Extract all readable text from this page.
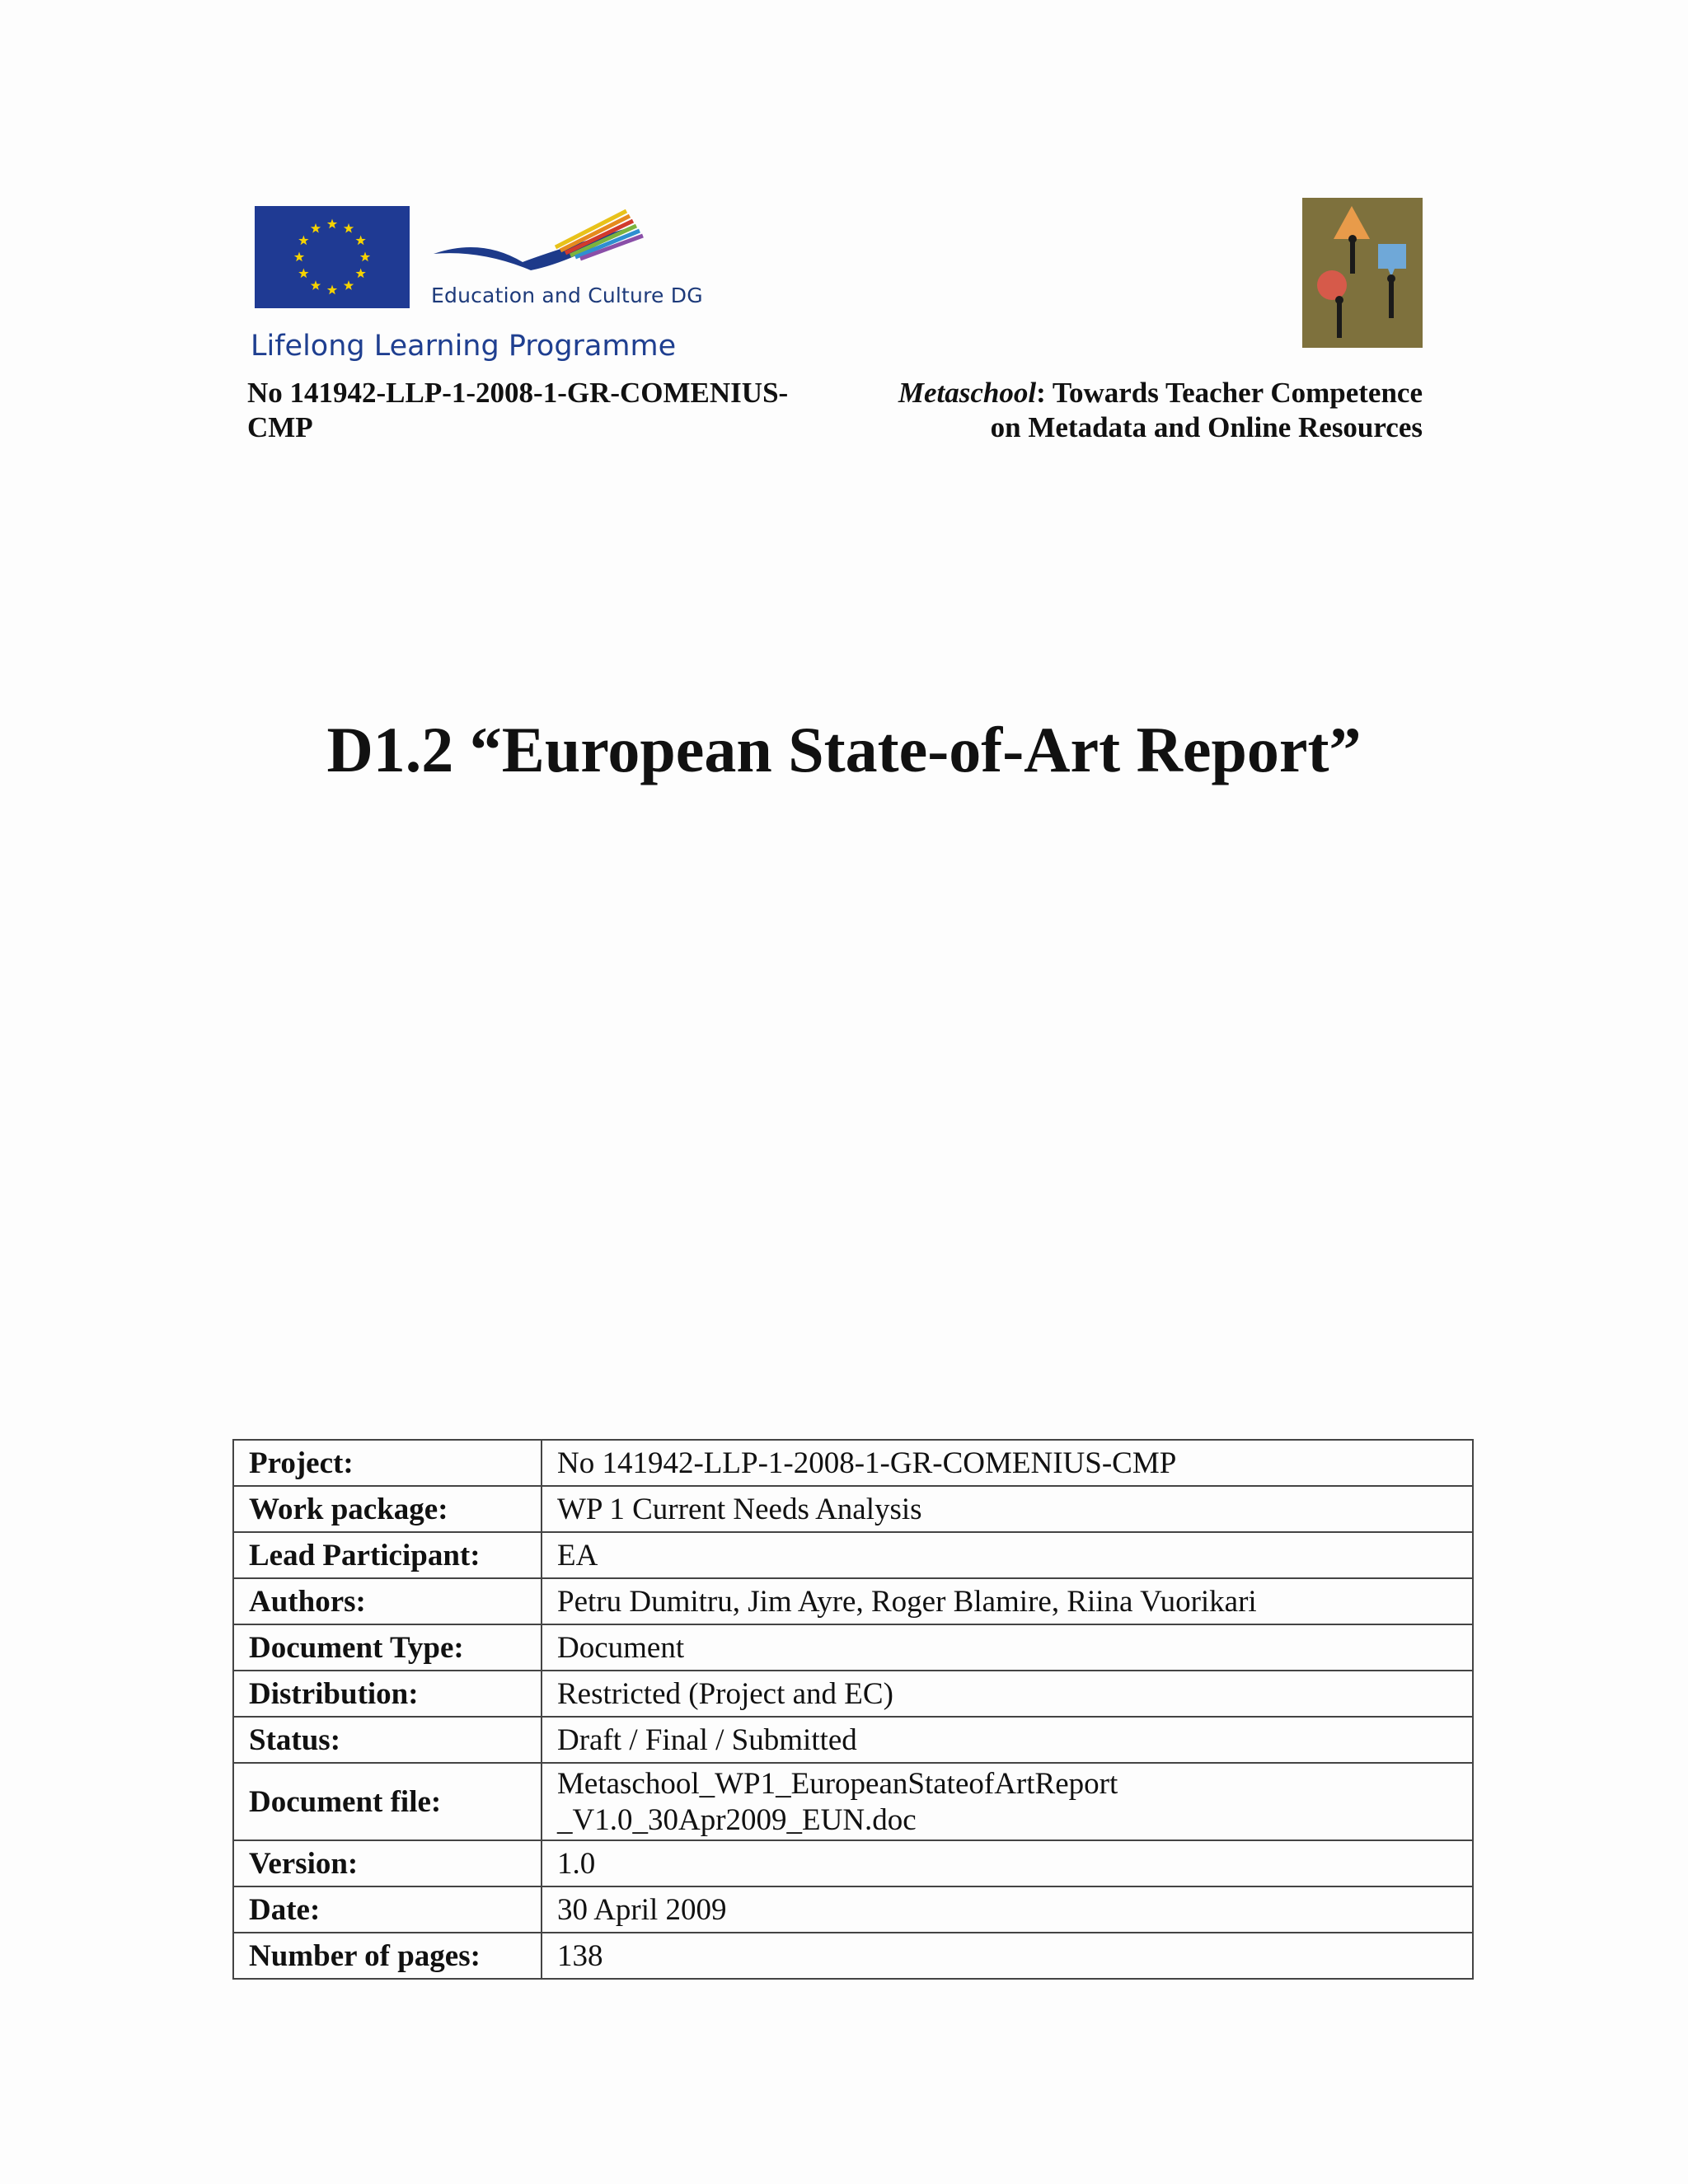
Education and Culture DG
Lifelong Learning Programme
No 141942-LLP-1-2008-1-GR-COMENIUS-CMP
Metaschool: Towards Teacher Competence
on Metadata and Online Resources
D1.2 “European State-of-Art Report”
Project:	No 141942-LLP-1-2008-1-GR-COMENIUS-CMP
Work package:	WP 1 Current Needs Analysis
Lead Participant:	EA
Authors:	Petru Dumitru, Jim Ayre, Roger Blamire, Riina Vuorikari
Document Type:	Document
Distribution:	Restricted (Project and EC)
Status:	Draft / Final / Submitted
Document file:	Metaschool_WP1_EuropeanStateofArtReport
_V1.0_30Apr2009_EUN.doc

Version:	1.0
Date:	30 April 2009
Number of pages:	138
